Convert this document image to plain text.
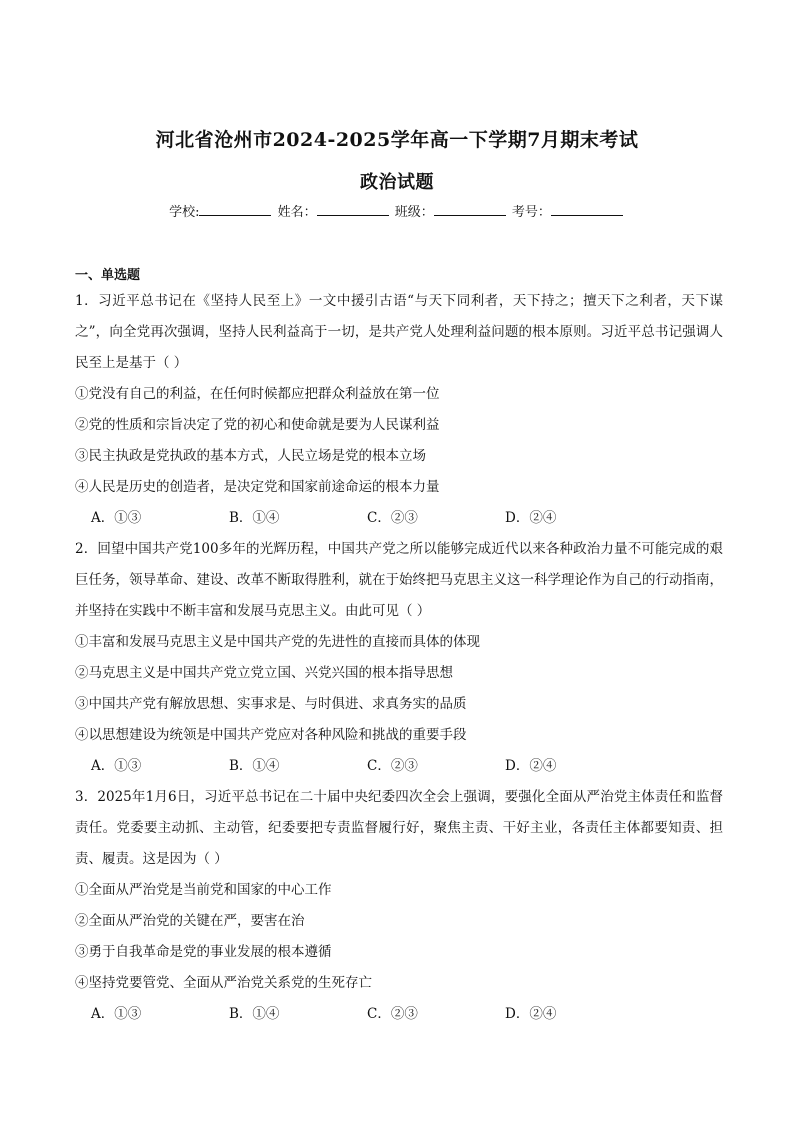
河北省沧州市2024-2025学年高一下学期7月期末考试
政治试题
学校:	姓名：	班级：	考号：
一、单选题

1．习近平总书记在《坚持人民至上》一文中援引古语“与天下同利者，天下持之；擅天下之利者，天下谋之”，向全党再次强调，坚持人民利益高于一切，是共产党人处理利益问题的根本原则。习近平总书记强调人民至上是基于（ ）

①党没有自己的利益，在任何时候都应把群众利益放在第一位

②党的性质和宗旨决定了党的初心和使命就是要为人民谋利益

③民主执政是党执政的基本方式，人民立场是党的根本立场

④人民是历史的创造者，是决定党和国家前途命运的根本力量

A．①③	B．①④	C．②③	D．②④

2．回望中国共产党100多年的光辉历程，中国共产党之所以能够完成近代以来各种政治力量不可能完成的艰巨任务，领导革命、建设、改革不断取得胜利，就在于始终把马克思主义这一科学理论作为自己的行动指南，并坚持在实践中不断丰富和发展马克思主义。由此可见（ ）

①丰富和发展马克思主义是中国共产党的先进性的直接而具体的体现

②马克思主义是中国共产党立党立国、兴党兴国的根本指导思想

③中国共产党有解放思想、实事求是、与时俱进、求真务实的品质

④以思想建设为统领是中国共产党应对各种风险和挑战的重要手段

A．①③	B．①④	C．②③	D．②④

3．2025年1月6日，习近平总书记在二十届中央纪委四次全会上强调，要强化全面从严治党主体责任和监督责任。党委要主动抓、主动管，纪委要把专责监督履行好，聚焦主责、干好主业，各责任主体都要知责、担责、履责。这是因为（ ）

①全面从严治党是当前党和国家的中心工作

②全面从严治党的关键在严，要害在治

③勇于自我革命是党的事业发展的根本遵循

④坚持党要管党、全面从严治党关系党的生死存亡

A．①③	B．①④	C．②③	D．②④
